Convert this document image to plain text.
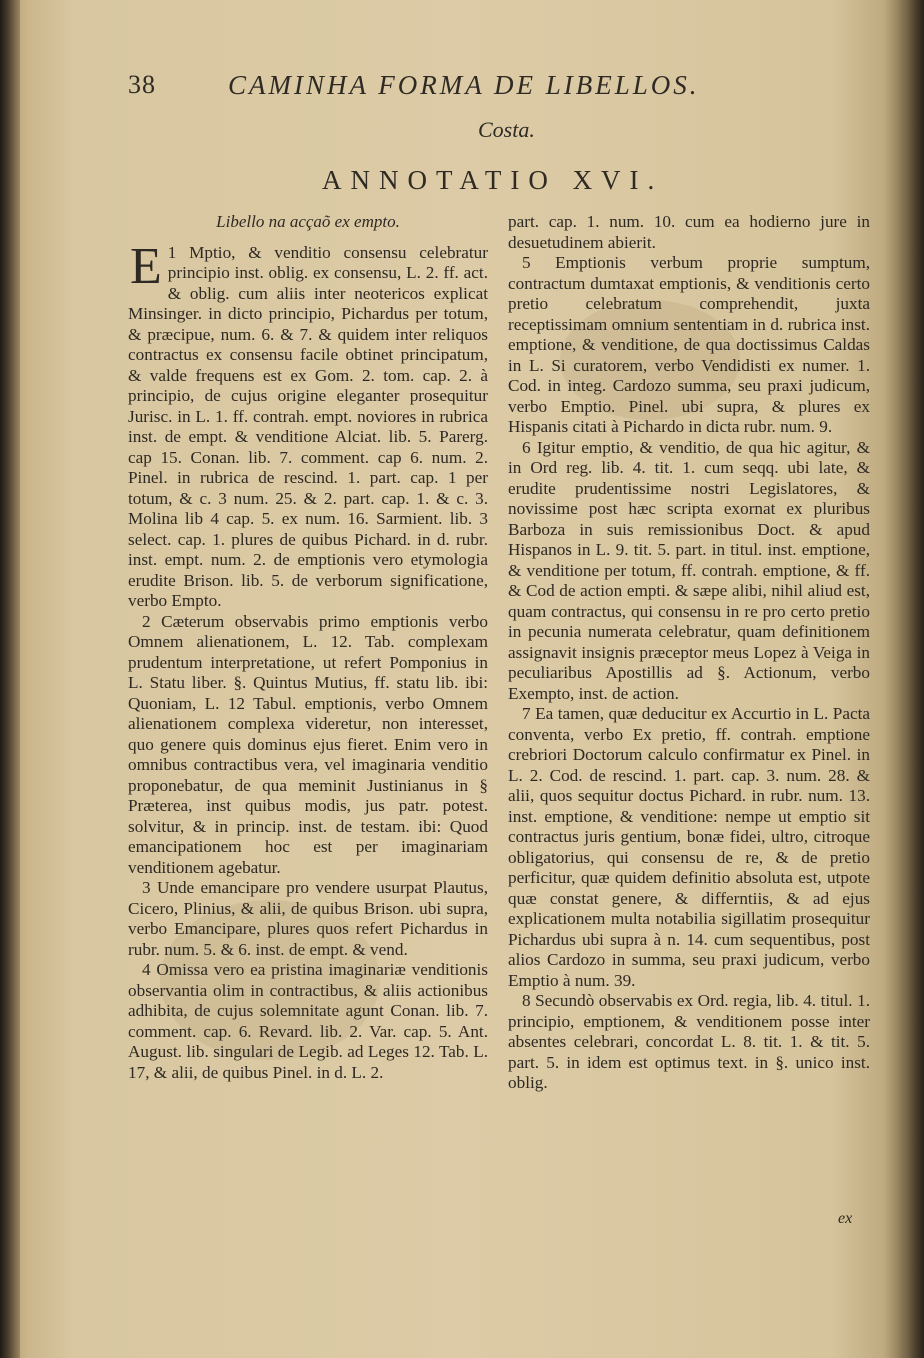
38	CAMINHA FORMA DE LIBELLOS.
Costa.
ANNOTATIO XVI.
Libello na acçaõ ex empto.

1
E Mptio, & venditio consensu celebratur principio inst. oblig. ex consensu, L. 2. ff. act. & oblig. cum aliis inter neotericos explicat Minsinger. in dicto principio, Pichardus per totum, & præcipue, num. 6. & 7. & quidem inter reliquos contractus ex consensu facile obtinet principatum, & valde frequens est ex Gom. 2. tom. cap. 2. à principio, de cujus origine eleganter prosequitur Jurisc. in L. 1. ff. contrah. empt. noviores in rubrica inst. de empt. & venditione Alciat. lib. 5. Parerg. cap 15. Conan. lib. 7. comment. cap 6. num. 2. Pinel. in rubrica de rescind. 1. part. cap. 1 per totum, & c. 3 num. 25. & 2. part. cap. 1. & c. 3. Molina lib 4 cap. 5. ex num. 16. Sarmient. lib. 3 select. cap. 1. plures de quibus Pichard. in d. rubr. inst. empt. num. 2. de emptionis vero etymologia erudite Brison. lib. 5. de verborum significatione, verbo Empto.

2 Cæterum observabis primo emptionis verbo Omnem alienationem, L. 12. Tab. complexam prudentum interpretatione, ut refert Pomponius in L. Statu liber. §. Quintus Mutius, ff. statu lib. ibi: Quoniam, L. 12 Tabul. emptionis, verbo Omnem alienationem complexa videretur, non interesset, quo genere quis dominus ejus fieret. Enim vero in omnibus contractibus vera, vel imaginaria venditio proponebatur, de qua meminit Justinianus in § Præterea, inst quibus modis, jus patr. potest. solvitur, & in princip. inst. de testam. ibi: Quod emancipationem hoc est per imaginariam venditionem agebatur.

3 Unde emancipare pro vendere usurpat Plautus, Cicero, Plinius, & alii, de quibus Brison. ubi supra, verbo Emancipare, plures quos refert Pichardus in rubr. num. 5. & 6. inst. de empt. & vend.

4 Omissa vero ea pristina imaginariæ venditionis observantia olim in contractibus, & aliis actionibus adhibita, de cujus solemnitate agunt Conan. lib. 7. comment. cap. 6. Revard. lib. 2. Var. cap. 5. Ant. August. lib. singulari de Legib. ad Leges 12. Tab. L. 17, & alii, de quibus Pinel. in d. L. 2.

part. cap. 1. num. 10. cum ea hodierno jure in desuetudinem abierit.

5 Emptionis verbum proprie sumptum, contractum dumtaxat emptionis, & venditionis certo pretio celebratum comprehendit, juxta receptissimam omnium sententiam in d. rubrica inst. emptione, & venditione, de qua doctissimus Caldas in L. Si curatorem, verbo Vendidisti ex numer. 1. Cod. in integ. Cardozo summa, seu praxi judicum, verbo Emptio. Pinel. ubi supra, & plures ex Hispanis citati à Pichardo in dicta rubr. num. 9.

6 Igitur emptio, & venditio, de qua hic agitur, & in Ord reg. lib. 4. tit. 1. cum seqq. ubi late, & erudite prudentissime nostri Legislatores, & novissime post hæc scripta exornat ex pluribus Barboza in suis remissionibus Doct. & apud Hispanos in L. 9. tit. 5. part. in titul. inst. emptione, & venditione per totum, ff. contrah. emptione, & ff. & Cod de action empti. & sæpe alibi, nihil aliud est, quam contractus, qui consensu in re pro certo pretio in pecunia numerata celebratur, quam definitionem assignavit insignis præceptor meus Lopez à Veiga in peculiaribus Apostillis ad §. Actionum, verbo Exempto, inst. de action.

7 Ea tamen, quæ deducitur ex Accurtio in L. Pacta conventa, verbo Ex pretio, ff. contrah. emptione crebriori Doctorum calculo confirmatur ex Pinel. in L. 2. Cod. de rescind. 1. part. cap. 3. num. 28. & alii, quos sequitur doctus Pichard. in rubr. num. 13. inst. emptione, & venditione: nempe ut emptio sit contractus juris gentium, bonæ fidei, ultro, citroque obligatorius, qui consensu de re, & de pretio perficitur, quæ quidem definitio absoluta est, utpote quæ constat genere, & differntiis, & ad ejus explicationem multa notabilia sigillatim prosequitur Pichardus ubi supra à n. 14. cum sequentibus, post alios Cardozo in summa, seu praxi judicum, verbo Emptio à num. 39.

8 Secundò observabis ex Ord. regia, lib. 4. titul. 1. principio, emptionem, & venditionem posse inter absentes celebrari, concordat L. 8. tit. 1. & tit. 5. part. 5. in idem est optimus text. in §. unico inst. oblig.

ex
